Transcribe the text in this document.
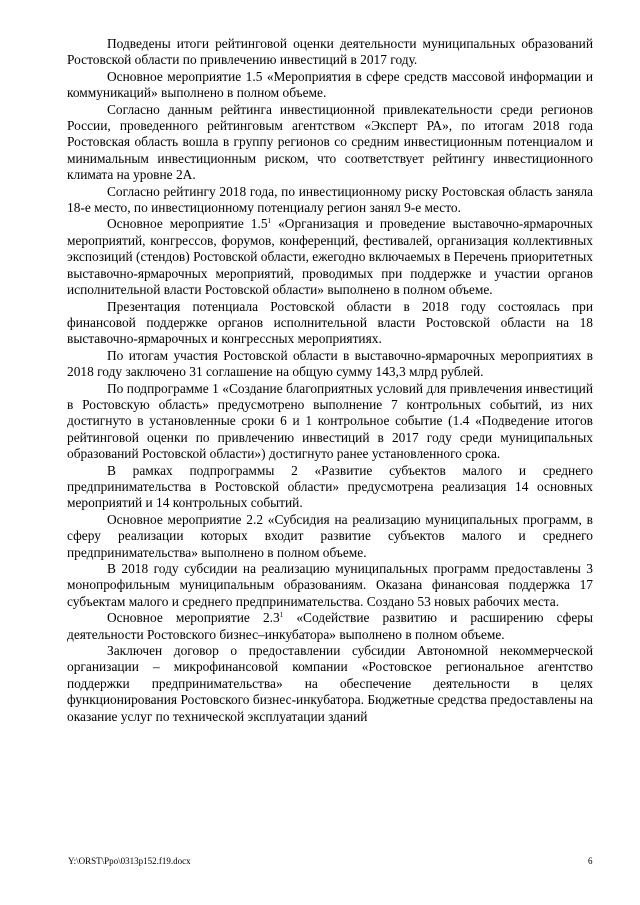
Подведены итоги рейтинговой оценки деятельности муниципальных образований Ростовской области по привлечению инвестиций в 2017 году.

Основное мероприятие 1.5 «Мероприятия в сфере средств массовой информации и коммуникаций» выполнено в полном объеме.

Согласно данным рейтинга инвестиционной привлекательности среди регионов России, проведенного рейтинговым агентством «Эксперт РА», по итогам 2018 года Ростовская область вошла в группу регионов со средним инвестиционным потенциалом и минимальным инвестиционным риском, что соответствует рейтингу инвестиционного климата на уровне 2А.

Согласно рейтингу 2018 года, по инвестиционному риску Ростовская область заняла 18-е место, по инвестиционному потенциалу регион занял 9-е место.

Основное мероприятие $1.5^1$ «Организация и проведение выставочно-ярмарочных мероприятий, конгрессов, форумов, конференций, фестивалей, организация коллективных экспозиций (стендов) Ростовской области, ежегодно включаемых в Перечень приоритетных выставочно-ярмарочных мероприятий, проводимых при поддержке и участии органов исполнительной власти Ростовской области» выполнено в полном объеме.

Презентация потенциала Ростовской области в 2018 году состоялась при финансовой поддержке органов исполнительной власти Ростовской области на 18 выставочно-ярмарочных и конгрессных мероприятиях.

По итогам участия Ростовской области в выставочно-ярмарочных мероприятиях в 2018 году заключено 31 соглашение на общую сумму 143,3 млрд рублей.

По подпрограмме 1 «Создание благоприятных условий для привлечения инвестиций в Ростовскую область» предусмотрено выполнение 7 контрольных событий, из них достигнуто в установленные сроки 6 и 1 контрольное событие (1.4 «Подведение итогов рейтинговой оценки по привлечению инвестиций в 2017 году среди муниципальных образований Ростовской области») достигнуто ранее установленного срока.

В рамках подпрограммы 2 «Развитие субъектов малого и среднего предпринимательства в Ростовской области» предусмотрена реализация 14 основных мероприятий и 14 контрольных событий.

Основное мероприятие 2.2 «Субсидия на реализацию муниципальных программ, в сферу реализации которых входит развитие субъектов малого и среднего предпринимательства» выполнено в полном объеме.

В 2018 году субсидии на реализацию муниципальных программ предоставлены 3 монопрофильным муниципальным образованиям. Оказана финансовая поддержка 17 субъектам малого и среднего предпринимательства. Создано 53 новых рабочих места.

Основное мероприятие $2.3^1$ «Содействие развитию и расширению сферы деятельности Ростовского бизнес–инкубатора» выполнено в полном объеме.

Заключен договор о предоставлении субсидии Автономной некоммерческой организации – микрофинансовой компании «Ростовское региональное агентство поддержки предпринимательства» на обеспечение деятельности в целях функционирования Ростовского бизнес-инкубатора. Бюджетные средства предоставлены на оказание услуг по технической эксплуатации зданий

Y:\ORST\Ppo\0313p152.f19.docx	6
